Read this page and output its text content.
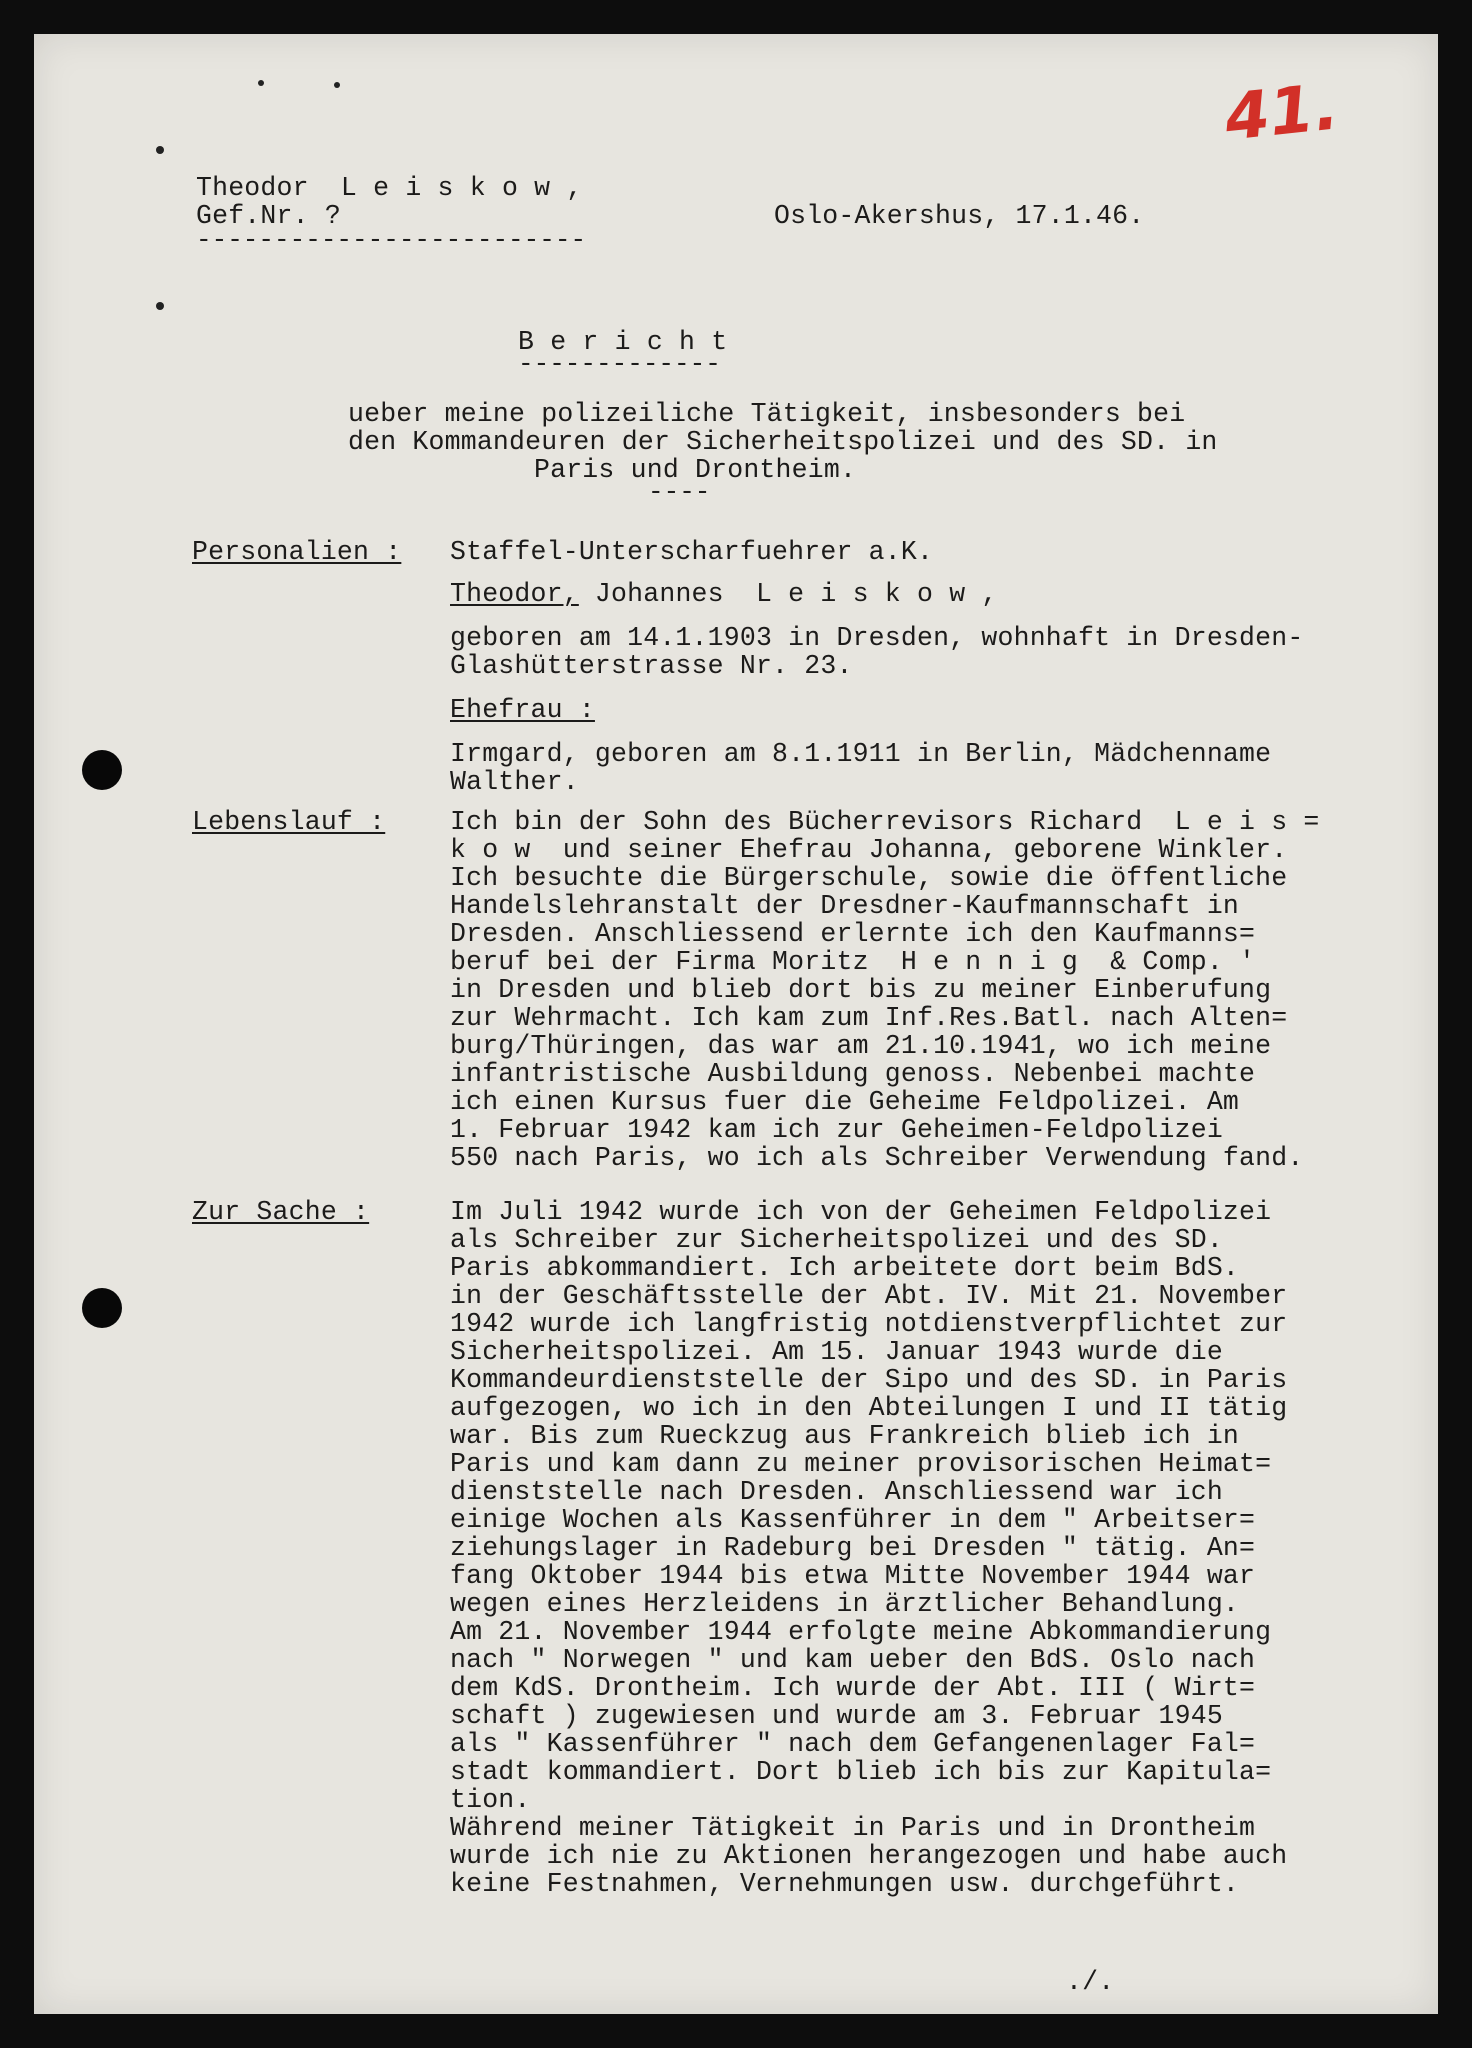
41.
Theodor  L e i s k o w ,
Gef.Nr. ?	Oslo-Akershus, 17.1.46.
-------------------------
B e r i c h t
-------------
ueber meine polizeiliche Tätigkeit, insbesonders bei
den Kommandeuren der Sicherheitspolizei und des SD. in
Paris und Drontheim.
----
Personalien : Staffel-Unterscharfuehrer a.K.
Theodor, Johannes  L e i s k o w ,
geboren am 14.1.1903 in Dresden, wohnhaft in Dresden-
Glashütterstrasse Nr. 23.
Ehefrau :
Irmgard, geboren am 8.1.1911 in Berlin, Mädchenname
Walther.
Lebenslauf : Ich bin der Sohn des Bücherrevisors Richard  L e i s =
k o w  und seiner Ehefrau Johanna, geborene Winkler.
Ich besuchte die Bürgerschule, sowie die öffentliche
Handelslehranstalt der Dresdner-Kaufmannschaft in
Dresden. Anschliessend erlernte ich den Kaufmanns=
beruf bei der Firma Moritz  H e n n i g  & Comp. '
in Dresden und blieb dort bis zu meiner Einberufung
zur Wehrmacht. Ich kam zum Inf.Res.Batl. nach Alten=
burg/Thüringen, das war am 21.10.1941, wo ich meine
infantristische Ausbildung genoss. Nebenbei machte
ich einen Kursus fuer die Geheime Feldpolizei. Am
1. Februar 1942 kam ich zur Geheimen-Feldpolizei
550 nach Paris, wo ich als Schreiber Verwendung fand.
Zur Sache :	Im Juli 1942 wurde ich von der Geheimen Feldpolizei
als Schreiber zur Sicherheitspolizei und des SD.
Paris abkommandiert. Ich arbeitete dort beim BdS.
in der Geschäftsstelle der Abt. IV. Mit 21. November
1942 wurde ich langfristig notdienstverpflichtet zur
Sicherheitspolizei. Am 15. Januar 1943 wurde die
Kommandeurdienststelle der Sipo und des SD. in Paris
aufgezogen, wo ich in den Abteilungen I und II tätig
war. Bis zum Rueckzug aus Frankreich blieb ich in
Paris und kam dann zu meiner provisorischen Heimat=
dienststelle nach Dresden. Anschliessend war ich
einige Wochen als Kassenführer in dem " Arbeitser=
ziehungslager in Radeburg bei Dresden " tätig. An=
fang Oktober 1944 bis etwa Mitte November 1944 war
wegen eines Herzleidens in ärztlicher Behandlung.
Am 21. November 1944 erfolgte meine Abkommandierung
nach " Norwegen " und kam ueber den BdS. Oslo nach
dem KdS. Drontheim. Ich wurde der Abt. III ( Wirt=
schaft ) zugewiesen und wurde am 3. Februar 1945
als " Kassenführer " nach dem Gefangenenlager Fal=
stadt kommandiert. Dort blieb ich bis zur Kapitula=
tion.
Während meiner Tätigkeit in Paris und in Drontheim
wurde ich nie zu Aktionen herangezogen und habe auch
keine Festnahmen, Vernehmungen usw. durchgeführt.
./.
